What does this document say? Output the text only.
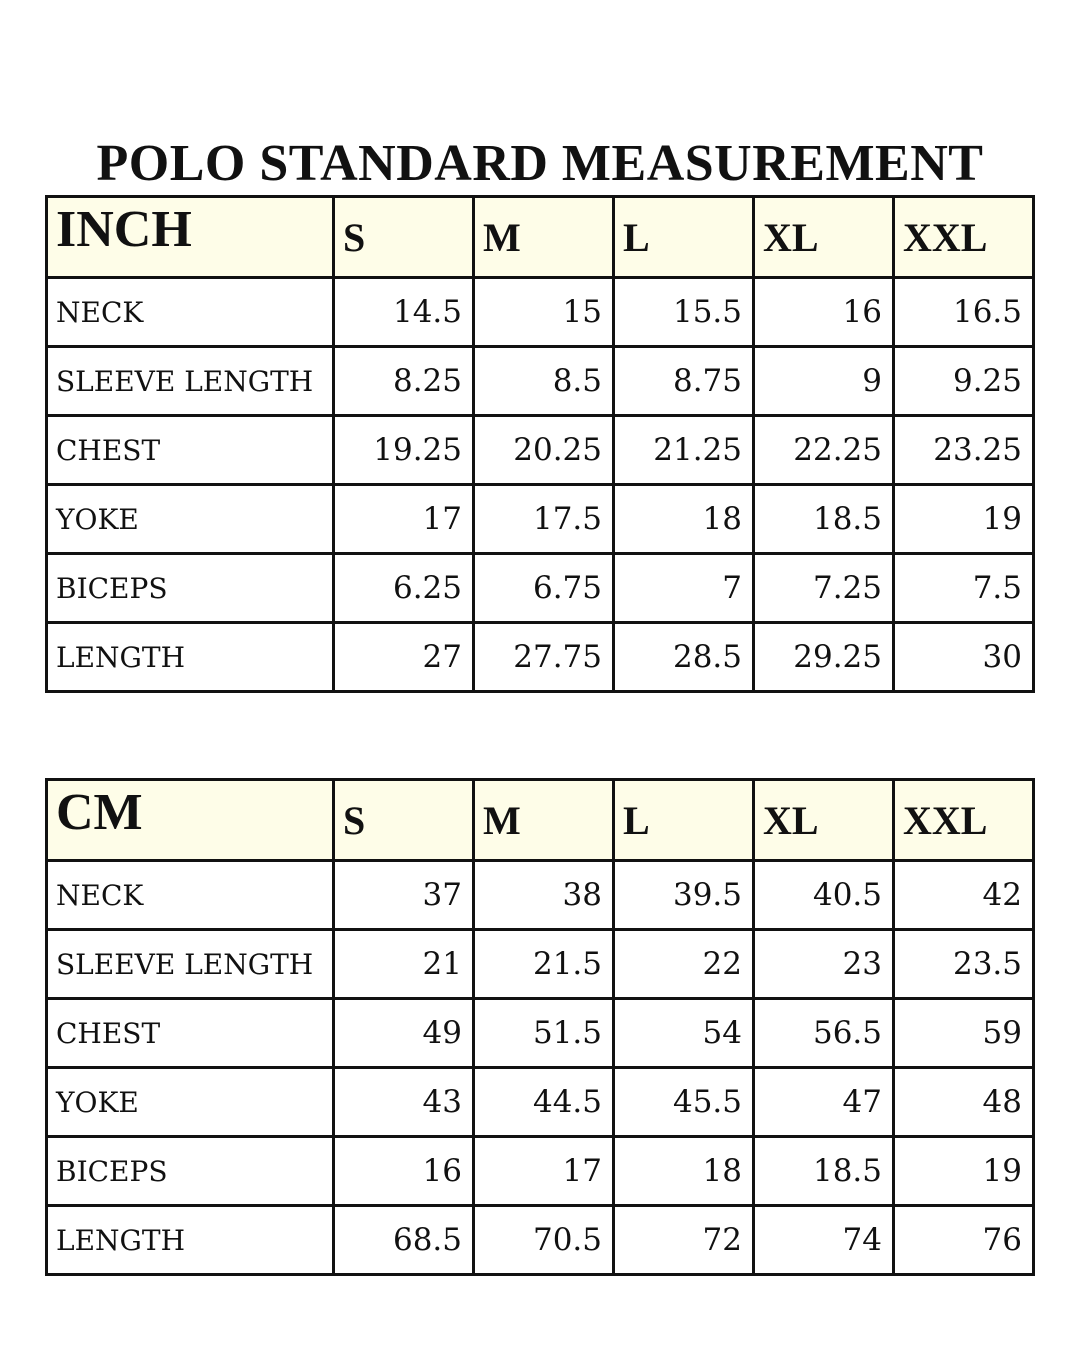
POLO STANDARD MEASUREMENT
INCH	S	M	L	XL	XXL
NECK	14.5	15	15.5	16	16.5
SLEEVE LENGTH	8.25	8.5	8.75	9	9.25
CHEST	19.25	20.25	21.25	22.25	23.25
YOKE	17	17.5	18	18.5	19
BICEPS	6.25	6.75	7	7.25	7.5
LENGTH	27	27.75	28.5	29.25	30
CM	S	M	L	XL	XXL
NECK	37	38	39.5	40.5	42
SLEEVE LENGTH	21	21.5	22	23	23.5
CHEST	49	51.5	54	56.5	59
YOKE	43	44.5	45.5	47	48
BICEPS	16	17	18	18.5	19
LENGTH	68.5	70.5	72	74	76
